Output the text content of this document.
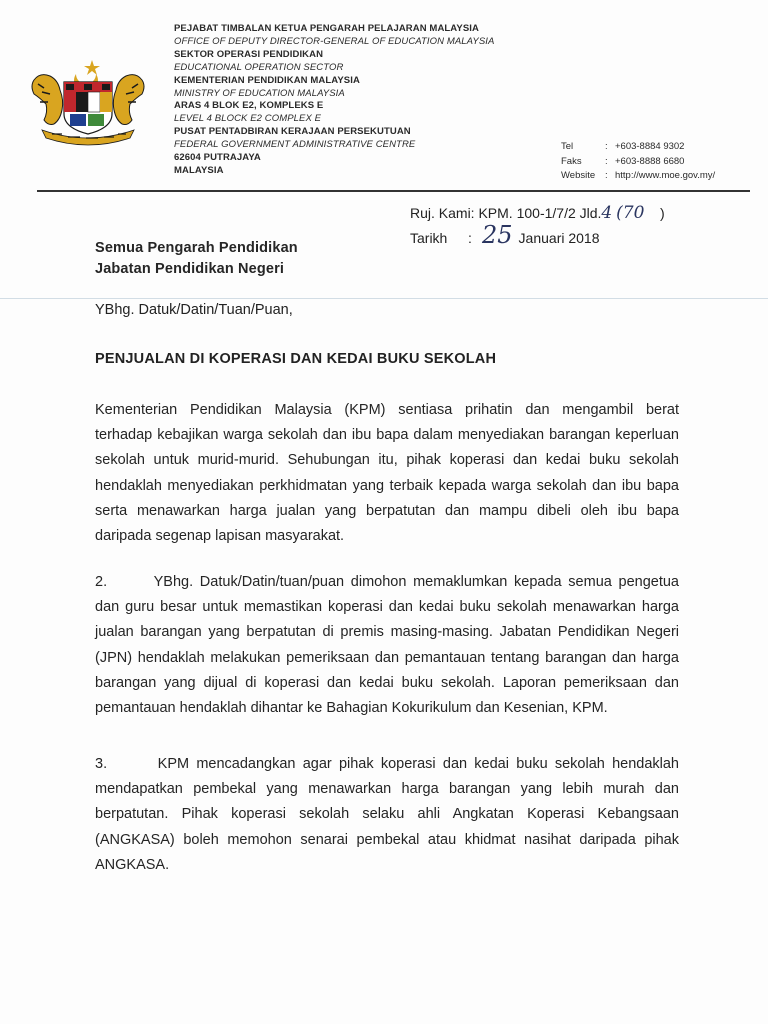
PEJABAT TIMBALAN KETUA PENGARAH PELAJARAN MALAYSIA
OFFICE OF DEPUTY DIRECTOR-GENERAL OF EDUCATION MALAYSIA
SEKTOR OPERASI PENDIDIKAN
EDUCATIONAL OPERATION SECTOR
KEMENTERIAN PENDIDIKAN MALAYSIA
MINISTRY OF EDUCATION MALAYSIA
ARAS 4 BLOK E2, KOMPLEKS E
LEVEL 4 BLOCK E2 COMPLEX E
PUSAT PENTADBIRAN KERAJAAN PERSEKUTUAN
FEDERAL GOVERNMENT ADMINISTRATIVE CENTRE
62604 PUTRAJAYA
MALAYSIA
Tel	: +603-8884 9302
Faks	: +603-8888 6680
Website	: http://www.moe.gov.my/
Ruj. Kami:
KPM. 100-1/7/2 Jld. 4
(70
)
Tarikh	: 25 Januari 2018
Semua Pengarah Pendidikan
Jabatan Pendidikan Negeri
YBhg. Datuk/Datin/Tuan/Puan,
PENJUALAN DI KOPERASI DAN KEDAI BUKU SEKOLAH
Kementerian Pendidikan Malaysia (KPM) sentiasa prihatin dan mengambil berat
terhadap kebajikan warga sekolah dan ibu bapa dalam menyediakan barangan keperluan
sekolah untuk murid-murid. Sehubungan itu, pihak koperasi dan kedai buku sekolah
hendaklah menyediakan perkhidmatan yang terbaik kepada warga sekolah dan ibu bapa
serta menawarkan harga jualan yang berpatutan dan mampu dibeli oleh ibu bapa
daripada segenap lapisan masyarakat.
2.       YBhg. Datuk/Datin/tuan/puan dimohon memaklumkan kepada semua pengetua
dan guru besar untuk memastikan koperasi dan kedai buku sekolah menawarkan harga
jualan barangan yang berpatutan di premis masing-masing. Jabatan Pendidikan Negeri
(JPN) hendaklah melakukan pemeriksaan dan pemantauan tentang barangan dan harga
barangan yang dijual di koperasi dan kedai buku sekolah. Laporan pemeriksaan dan
pemantauan hendaklah dihantar ke Bahagian Kokurikulum dan Kesenian, KPM.
3.       KPM mencadangkan agar pihak koperasi dan kedai buku sekolah hendaklah
mendapatkan pembekal yang menawarkan harga barangan yang lebih murah dan
berpatutan. Pihak koperasi sekolah selaku ahli Angkatan Koperasi Kebangsaan
(ANGKASA) boleh memohon senarai pembekal atau khidmat nasihat daripada pihak
ANGKASA.
